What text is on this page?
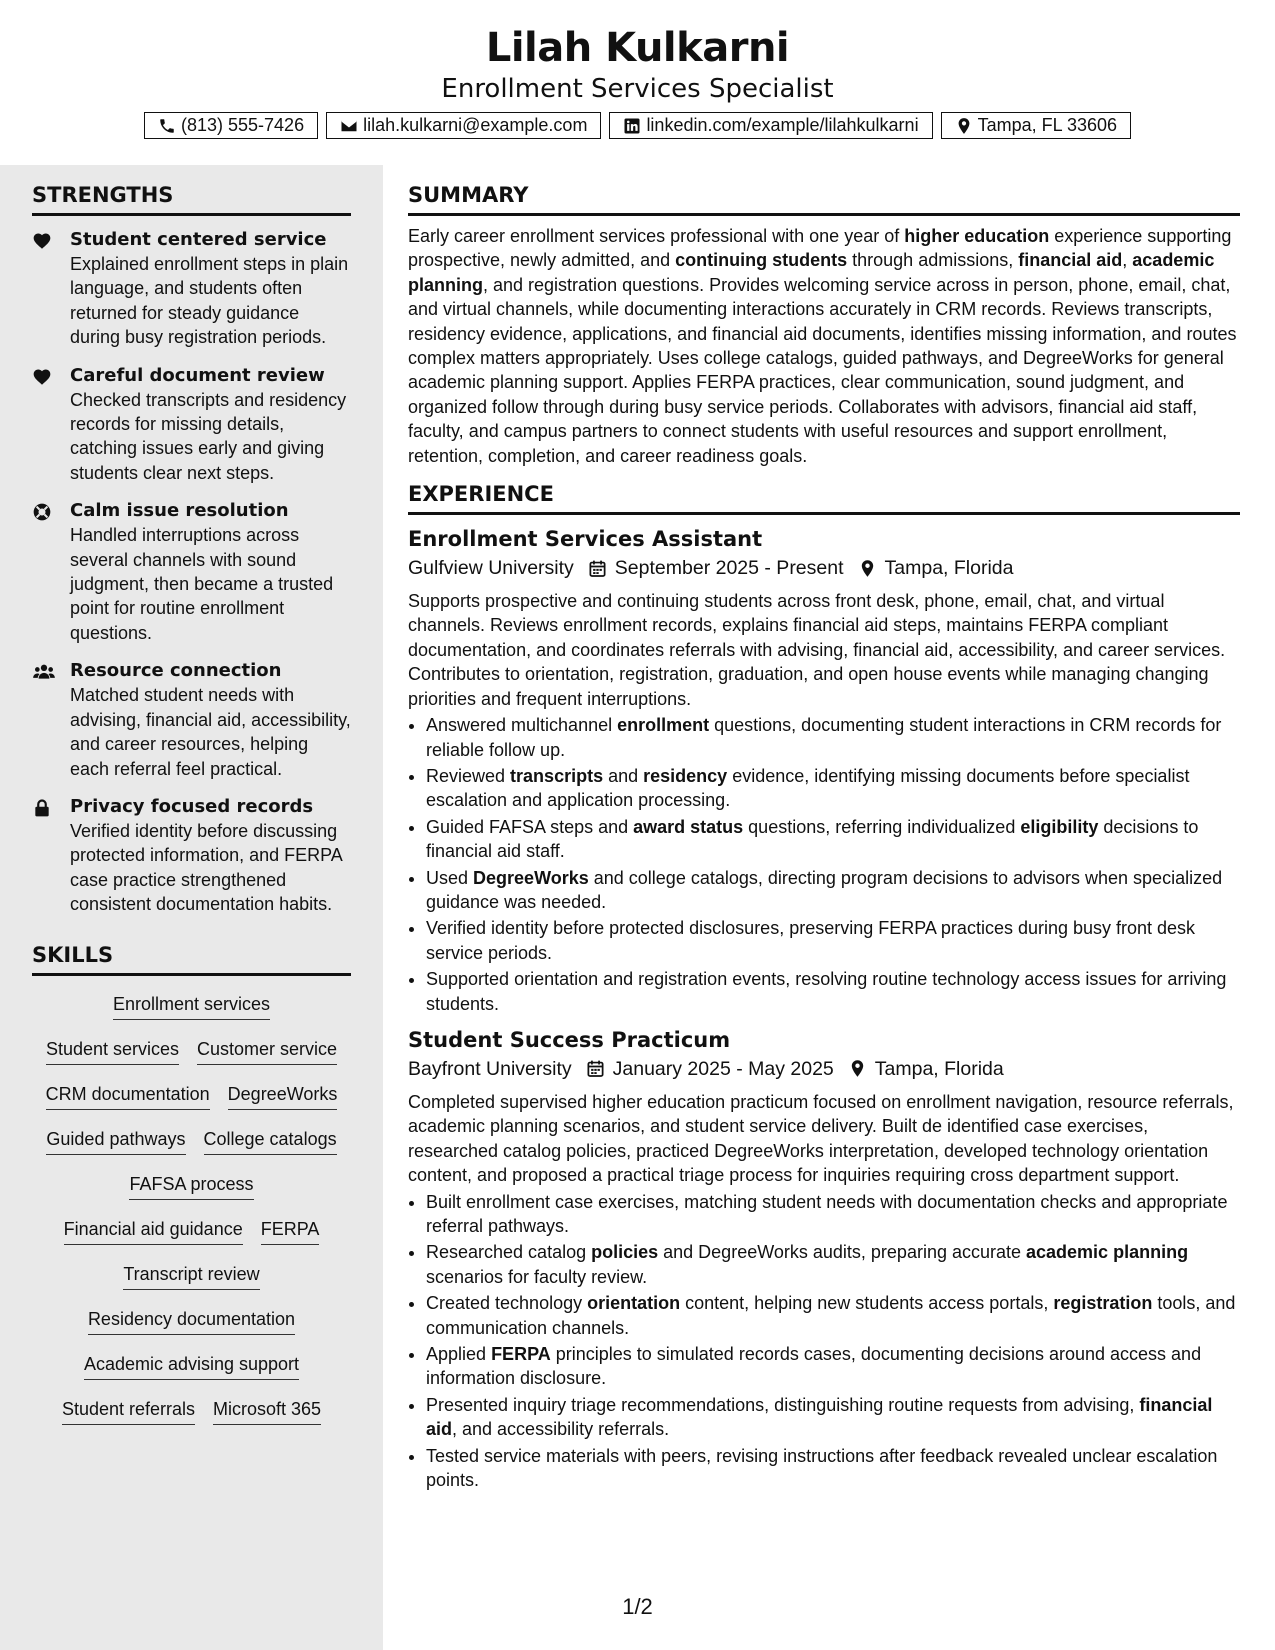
Lilah Kulkarni
Enrollment Services Specialist
(813) 555-7426	lilah.kulkarni@example.com	linkedin.com/example/lilahkulkarni	Tampa, FL 33606
STRENGTHS
Student centered service
Explained enrollment steps in plain language, and students often returned for steady guidance during busy registration periods.
Careful document review
Checked transcripts and residency records for missing details, catching issues early and giving students clear next steps.
Calm issue resolution
Handled interruptions across several channels with sound judgment, then became a trusted point for routine enrollment questions.
Resource connection
Matched student needs with advising, financial aid, accessibility, and career resources, helping each referral feel practical.
Privacy focused records
Verified identity before discussing protected information, and FERPA case practice strengthened consistent documentation habits.
SKILLS
Enrollment services
Student services Customer service
CRM documentation DegreeWorks
Guided pathways College catalogs
FAFSA process
Financial aid guidance FERPA
Transcript review
Residency documentation
Academic advising support
Student referrals Microsoft 365
SUMMARY

Early career enrollment services professional with one year of higher education experience supporting prospective, newly admitted, and continuing students through admissions, financial aid, academic planning, and registration questions. Provides welcoming service across in person, phone, email, chat, and virtual channels, while documenting interactions accurately in CRM records. Reviews transcripts, residency evidence, applications, and financial aid documents, identifies missing information, and routes complex matters appropriately. Uses college catalogs, guided pathways, and DegreeWorks for general academic planning support. Applies FERPA practices, clear communication, sound judgment, and organized follow through during busy service periods. Collaborates with advisors, financial aid staff, faculty, and campus partners to connect students with useful resources and support enrollment, retention, completion, and career readiness goals.

EXPERIENCE
Enrollment Services Assistant
Gulfview University September 2025 - Present Tampa, Florida
Supports prospective and continuing students across front desk, phone, email, chat, and virtual channels. Reviews enrollment records, explains financial aid steps, maintains FERPA compliant documentation, and coordinates referrals with advising, financial aid, accessibility, and career services. Contributes to orientation, registration, graduation, and open house events while managing changing priorities and frequent interruptions.
• Answered multichannel enrollment questions, documenting student interactions in CRM records for reliable follow up.
• Reviewed transcripts and residency evidence, identifying missing documents before specialist escalation and application processing.
• Guided FAFSA steps and award status questions, referring individualized eligibility decisions to financial aid staff.
• Used DegreeWorks and college catalogs, directing program decisions to advisors when specialized guidance was needed.
• Verified identity before protected disclosures, preserving FERPA practices during busy front desk service periods.
• Supported orientation and registration events, resolving routine technology access issues for arriving students.
Student Success Practicum
Bayfront University January 2025 - May 2025 Tampa, Florida
Completed supervised higher education practicum focused on enrollment navigation, resource referrals, academic planning scenarios, and student service delivery. Built de identified case exercises, researched catalog policies, practiced DegreeWorks interpretation, developed technology orientation content, and proposed a practical triage process for inquiries requiring cross department support.
• Built enrollment case exercises, matching student needs with documentation checks and appropriate referral pathways.
• Researched catalog policies and DegreeWorks audits, preparing accurate academic planning scenarios for faculty review.
• Created technology orientation content, helping new students access portals, registration tools, and communication channels.
• Applied FERPA principles to simulated records cases, documenting decisions around access and information disclosure.
• Presented inquiry triage recommendations, distinguishing routine requests from advising, financial aid, and accessibility referrals.
• Tested service materials with peers, revising instructions after feedback revealed unclear escalation points.
1/2
